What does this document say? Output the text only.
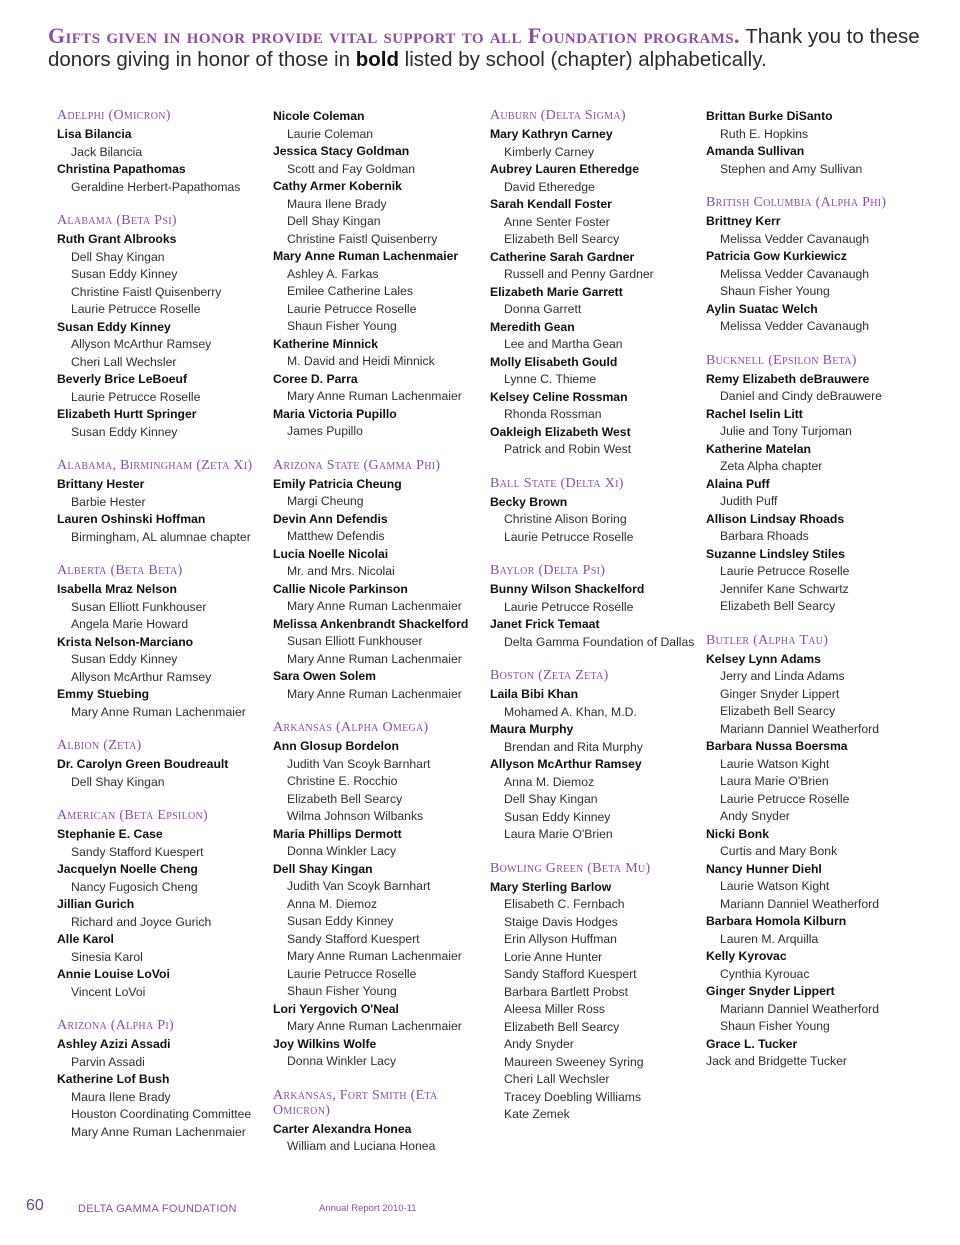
Gifts given in honor provide vital support to all Foundation programs. Thank you to these donors giving in honor of those in bold listed by school (chapter) alphabetically.
Adelphi (Omicron)
Lisa Bilancia
Jack Bilancia
Christina Papathomas
Geraldine Herbert-Papathomas
Alabama (Beta Psi)
Ruth Grant Albrooks
Dell Shay Kingan
Susan Eddy Kinney
Christine Faistl Quisenberry
Laurie Petrucce Roselle
Susan Eddy Kinney
Allyson McArthur Ramsey
Cheri Lall Wechsler
Beverly Brice LeBoeuf
Laurie Petrucce Roselle
Elizabeth Hurtt Springer
Susan Eddy Kinney
Alabama, Birmingham (Zeta Xi)
Brittany Hester
Barbie Hester
Lauren Oshinski Hoffman
Birmingham, AL alumnae chapter
Alberta (Beta Beta)
Isabella Mraz Nelson
Susan Elliott Funkhouser
Angela Marie Howard
Krista Nelson-Marciano
Susan Eddy Kinney
Allyson McArthur Ramsey
Emmy Stuebing
Mary Anne Ruman Lachenmaier
Albion (Zeta)
Dr. Carolyn Green Boudreault
Dell Shay Kingan
American (Beta Epsilon)
Stephanie E. Case
Sandy Stafford Kuespert
Jacquelyn Noelle Cheng
Nancy Fugosich Cheng
Jillian Gurich
Richard and Joyce Gurich
Alle Karol
Sinesia Karol
Annie Louise LoVoi
Vincent LoVoi
Arizona (Alpha Pi)
Ashley Azizi Assadi
Parvin Assadi
Katherine Lof Bush
Maura Ilene Brady
Houston Coordinating Committee
Mary Anne Ruman Lachenmaier
Nicole Coleman
Laurie Coleman
Jessica Stacy Goldman
Scott and Fay Goldman
Cathy Armer Kobernik
Maura Ilene Brady
Dell Shay Kingan
Christine Faistl Quisenberry
Mary Anne Ruman Lachenmaier
Ashley A. Farkas
Emilee Catherine Lales
Laurie Petrucce Roselle
Shaun Fisher Young
Katherine Minnick
M. David and Heidi Minnick
Coree D. Parra
Mary Anne Ruman Lachenmaier
Maria Victoria Pupillo
James Pupillo
Arizona State (Gamma Phi)
Emily Patricia Cheung
Margi Cheung
Devin Ann Defendis
Matthew Defendis
Lucia Noelle Nicolai
Mr. and Mrs. Nicolai
Callie Nicole Parkinson
Mary Anne Ruman Lachenmaier
Melissa Ankenbrandt Shackelford
Susan Elliott Funkhouser
Mary Anne Ruman Lachenmaier
Sara Owen Solem
Mary Anne Ruman Lachenmaier
Arkansas (Alpha Omega)
Ann Glosup Bordelon
Judith Van Scoyk Barnhart
Christine E. Rocchio
Elizabeth Bell Searcy
Wilma Johnson Wilbanks
Maria Phillips Dermott
Donna Winkler Lacy
Dell Shay Kingan
Judith Van Scoyk Barnhart
Anna M. Diemoz
Susan Eddy Kinney
Sandy Stafford Kuespert
Mary Anne Ruman Lachenmaier
Laurie Petrucce Roselle
Shaun Fisher Young
Lori Yergovich O'Neal
Mary Anne Ruman Lachenmaier
Joy Wilkins Wolfe
Donna Winkler Lacy
Arkansas, Fort Smith (Eta Omicron)
Carter Alexandra Honea
William and Luciana Honea
Auburn (Delta Sigma)
Mary Kathryn Carney
Kimberly Carney
Aubrey Lauren Etheredge
David Etheredge
Sarah Kendall Foster
Anne Senter Foster
Elizabeth Bell Searcy
Catherine Sarah Gardner
Russell and Penny Gardner
Elizabeth Marie Garrett
Donna Garrett
Meredith Gean
Lee and Martha Gean
Molly Elisabeth Gould
Lynne C. Thieme
Kelsey Celine Rossman
Rhonda Rossman
Oakleigh Elizabeth West
Patrick and Robin West
Ball State (Delta Xi)
Becky Brown
Christine Alison Boring
Laurie Petrucce Roselle
Baylor (Delta Psi)
Bunny Wilson Shackelford
Laurie Petrucce Roselle
Janet Frick Temaat
Delta Gamma Foundation of Dallas
Boston (Zeta Zeta)
Laila Bibi Khan
Mohamed A. Khan, M.D.
Maura Murphy
Brendan and Rita Murphy
Allyson McArthur Ramsey
Anna M. Diemoz
Dell Shay Kingan
Susan Eddy Kinney
Laura Marie O'Brien
Bowling Green (Beta Mu)
Mary Sterling Barlow
Elisabeth C. Fernbach
Staige Davis Hodges
Erin Allyson Huffman
Lorie Anne Hunter
Sandy Stafford Kuespert
Barbara Bartlett Probst
Aleesa Miller Ross
Elizabeth Bell Searcy
Andy Snyder
Maureen Sweeney Syring
Cheri Lall Wechsler
Tracey Doebling Williams
Kate Zemek
Brittan Burke DiSanto
Ruth E. Hopkins
Amanda Sullivan
Stephen and Amy Sullivan
British Columbia (Alpha Phi)
Brittney Kerr
Melissa Vedder Cavanaugh
Patricia Gow Kurkiewicz
Melissa Vedder Cavanaugh
Shaun Fisher Young
Aylin Suatac Welch
Melissa Vedder Cavanaugh
Bucknell (Epsilon Beta)
Remy Elizabeth deBrauwere
Daniel and Cindy deBrauwere
Rachel Iselin Litt
Julie and Tony Turjoman
Katherine Matelan
Zeta Alpha chapter
Alaina Puff
Judith Puff
Allison Lindsay Rhoads
Barbara Rhoads
Suzanne Lindsley Stiles
Laurie Petrucce Roselle
Jennifer Kane Schwartz
Elizabeth Bell Searcy
Butler (Alpha Tau)
Kelsey Lynn Adams
Jerry and Linda Adams
Ginger Snyder Lippert
Elizabeth Bell Searcy
Mariann Danniel Weatherford
Barbara Nussa Boersma
Laurie Watson Kight
Laura Marie O'Brien
Laurie Petrucce Roselle
Andy Snyder
Nicki Bonk
Curtis and Mary Bonk
Nancy Hunner Diehl
Laurie Watson Kight
Mariann Danniel Weatherford
Barbara Homola Kilburn
Lauren M. Arquilla
Kelly Kyrovac
Cynthia Kyrouac
Ginger Snyder Lippert
Mariann Danniel Weatherford
Shaun Fisher Young
Grace L. Tucker
Jack and Bridgette Tucker
60	DELTA GAMMA FOUNDATION	Annual Report 2010-11
